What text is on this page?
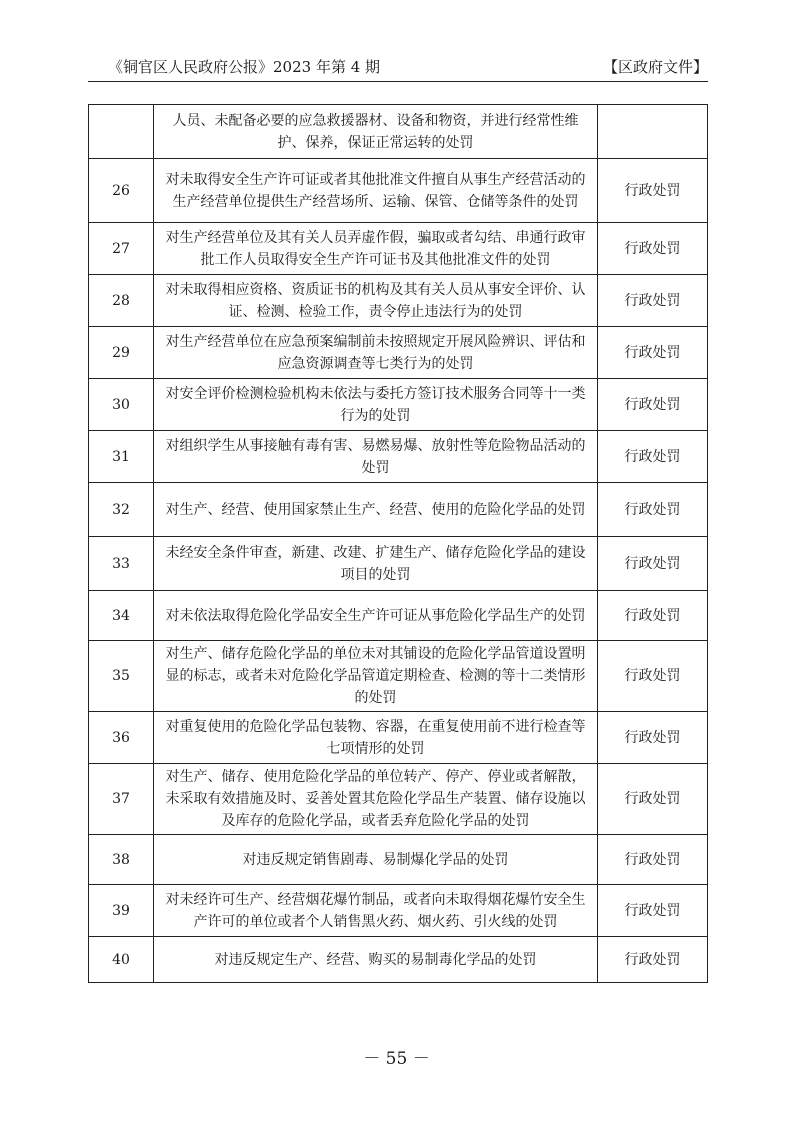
《铜官区人民政府公报》2023 年第 4 期	【区政府文件】
	人员、未配备必要的应急救援器材、设备和物资，并进行经常性维护、保养，保证正常运转的处罚	
26	对未取得安全生产许可证或者其他批准文件擅自从事生产经营活动的生产经营单位提供生产经营场所、运输、保管、仓储等条件的处罚	行政处罚
27	对生产经营单位及其有关人员弄虚作假，骗取或者勾结、串通行政审批工作人员取得安全生产许可证书及其他批准文件的处罚	行政处罚
28	对未取得相应资格、资质证书的机构及其有关人员从事安全评价、认证、检测、检验工作，责令停止违法行为的处罚	行政处罚
29	对生产经营单位在应急预案编制前未按照规定开展风险辨识、评估和应急资源调查等七类行为的处罚	行政处罚
30	对安全评价检测检验机构未依法与委托方签订技术服务合同等十一类行为的处罚	行政处罚
31	对组织学生从事接触有毒有害、易燃易爆、放射性等危险物品活动的处罚	行政处罚
32	对生产、经营、使用国家禁止生产、经营、使用的危险化学品的处罚	行政处罚
33	未经安全条件审查，新建、改建、扩建生产、储存危险化学品的建设项目的处罚	行政处罚
34	对未依法取得危险化学品安全生产许可证从事危险化学品生产的处罚	行政处罚
35	对生产、储存危险化学品的单位未对其铺设的危险化学品管道设置明显的标志，或者未对危险化学品管道定期检查、检测的等十二类情形的处罚	行政处罚
36	对重复使用的危险化学品包装物、容器，在重复使用前不进行检查等七项情形的处罚	行政处罚
37	对生产、储存、使用危险化学品的单位转产、停产、停业或者解散，未采取有效措施及时、妥善处置其危险化学品生产装置、储存设施以及库存的危险化学品，或者丢弃危险化学品的处罚	行政处罚
38	对违反规定销售剧毒、易制爆化学品的处罚	行政处罚
39	对未经许可生产、经营烟花爆竹制品，或者向未取得烟花爆竹安全生产许可的单位或者个人销售黑火药、烟火药、引火线的处罚	行政处罚
40	对违反规定生产、经营、购买的易制毒化学品的处罚	行政处罚
－ 55 －
